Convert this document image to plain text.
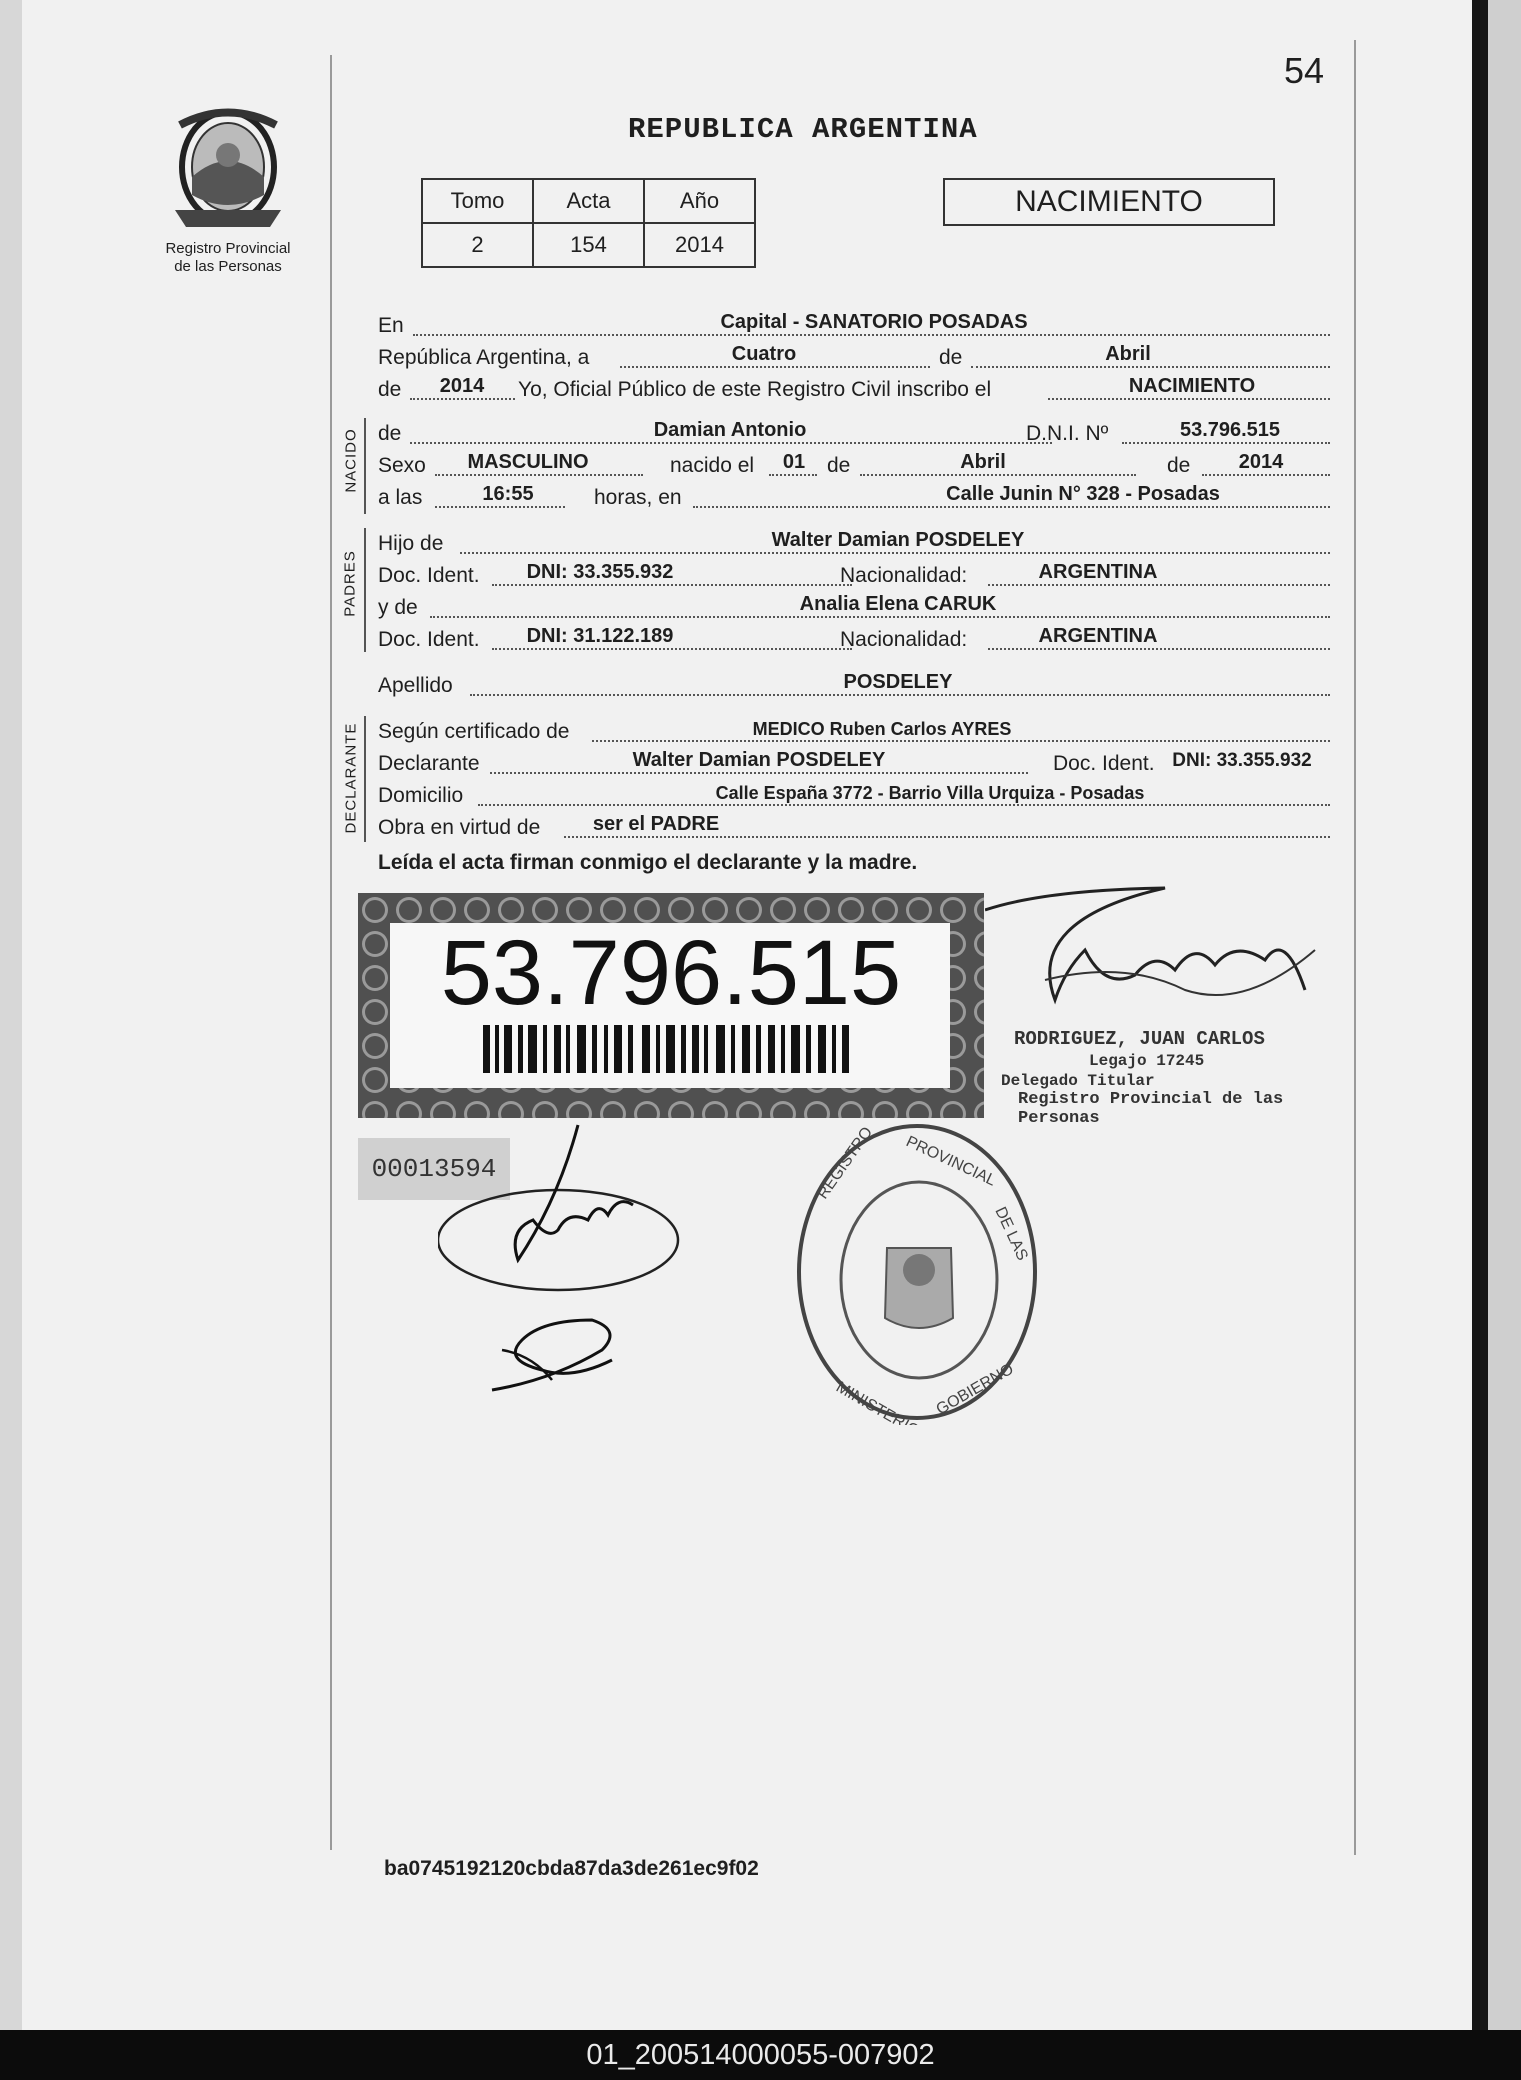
54
Registro Provincial
de las Personas
REPUBLICA ARGENTINA
Tomo	Acta	Año
2	154	2014
NACIMIENTO
En	Capital - SANATORIO POSADAS
República Argentina, a	Cuatro	de	Abril
de 2014 Yo, Oficial Público de este Registro Civil inscribo el	NACIMIENTO
de	Damian Antonio	D.N.I. Nº	53.796.515
Sexo MASCULINO	nacido el 01 de	Abril	de 2014
a las	16:55	horas, en	Calle Junin N° 328 - Posadas
Hijo de	Walter Damian POSDELEY
Doc. Ident. DNI: 33.355.932	Nacionalidad:	ARGENTINA
y de	Analia Elena CARUK
Doc. Ident. DNI: 31.122.189	Nacionalidad:	ARGENTINA
Apellido	POSDELEY
Según certificado de	MEDICO Ruben Carlos AYRES
Declarante	Walter Damian POSDELEY	Doc. Ident. DNI: 33.355.932
Domicilio	Calle España 3772 - Barrio Villa Urquiza - Posadas
Obra en virtud de	ser el PADRE
NACIDO
PADRES
DECLARANTE
Leída el acta firman conmigo el declarante y la madre.
53.796.515
00013594
RODRIGUEZ, JUAN CARLOS
Legajo 17245
Delegado Titular
Registro Provincial de las Personas
REGISTRO PROVINCIAL
DE LAS
MINISTERIO GOBIERNO
ba0745192120cbda87da3de261ec9f02
01_200514000055-007902
